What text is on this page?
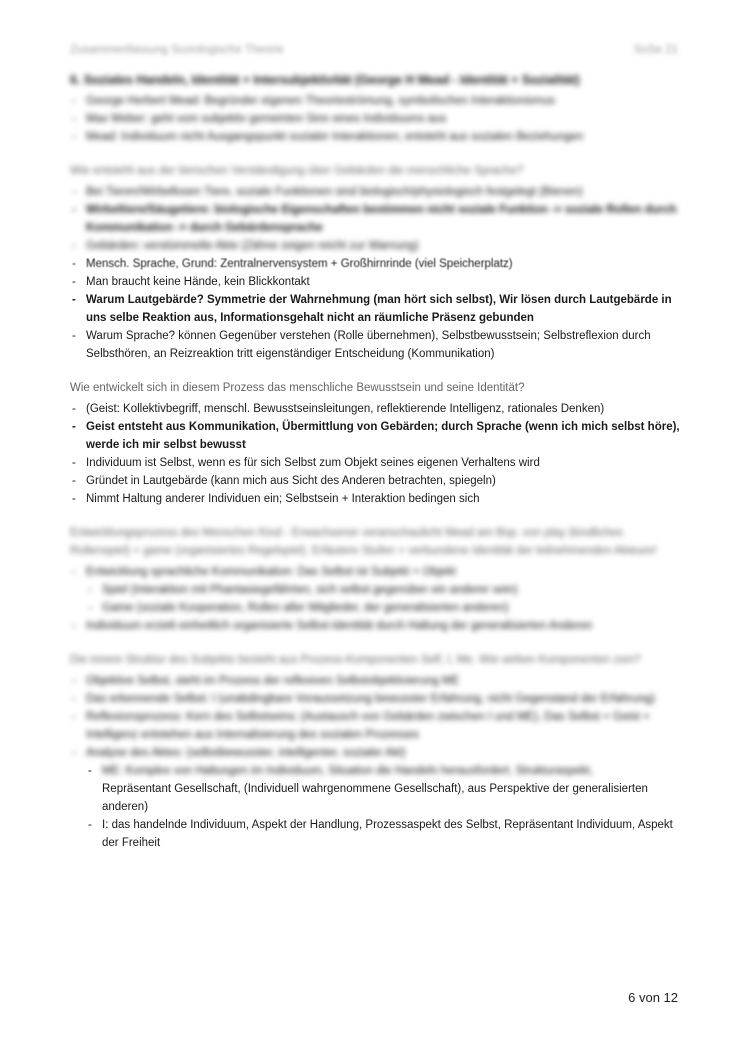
Zusammenfassung Soziologische Theorie	SoSe 21
6. Soziales Handeln, Identität + Intersubjektivität (George H Mead - Identität + Sozialität)
- George Herbert Mead: Begründer eigenen Theorieströmung, symbolischen Interaktionismus
- Max Weber: geht vom subjektiv gemeinten Sinn eines Individuums aus
- Mead: Individuum nicht Ausgangspunkt sozialer Interaktionen, entsteht aus sozialen Beziehungen
Wie entsteht aus der tierischen Verständigung über Gebärden die menschliche Sprache?
- Bei Tieren/Wirbellosen Tiere, soziale Funktionen sind biologisch/physiologisch festgelegt (Bienen)
- Wirbeltiere/Säugetiere: biologische Eigenschaften bestimmen nicht soziale Funktion -> soziale Rollen durch Kommunikation -> durch Gebärdensprache
- Gebärden: verstümmelte Akte (Zähne zeigen reicht zur Warnung)
- Mensch. Sprache, Grund: Zentralnervensystem + Großhirnrinde (viel Speicherplatz)
- Man braucht keine Hände, kein Blickkontakt
- Warum Lautgebärde? Symmetrie der Wahrnehmung (man hört sich selbst), Wir lösen durch Lautgebärde in uns selbe Reaktion aus, Informationsgehalt nicht an räumliche Präsenz gebunden
- Warum Sprache? können Gegenüber verstehen (Rolle übernehmen), Selbstbewusstsein; Selbstreflexion durch Selbsthören, an Reizreaktion tritt eigenständiger Entscheidung (Kommunikation)
Wie entwickelt sich in diesem Prozess das menschliche Bewusstsein und seine Identität?
- (Geist: Kollektivbegriff, menschl. Bewusstseinsleitungen, reflektierende Intelligenz, rationales Denken)
- Geist entsteht aus Kommunikation, Übermittlung von Gebärden; durch Sprache (wenn ich mich selbst höre), werde ich mir selbst bewusst
- Individuum ist Selbst, wenn es für sich Selbst zum Objekt seines eigenen Verhaltens wird
- Gründet in Lautgebärde (kann mich aus Sicht des Anderen betrachten, spiegeln)
- Nimmt Haltung anderer Individuen ein; Selbstsein + Interaktion bedingen sich
Entwicklungsprozess des Menschen Kind - Erwachsener veranschaulicht Mead am Bsp. von play (kindliches Rollenspiel) + game (organisiertes Regelspiel). Erläutere Stufen + verbundene Identität der teilnehmenden Akteure!
- Entwicklung sprachliche Kommunikation: Das Selbst ist Subjekt + Objekt
- Spiel (Interaktion mit Phantasiegefährten, sich selbst gegenüber ein anderer sein)
- Game (soziale Kooperation, Rollen aller Mitglieder, der generalisierten anderen)
- Individuum erzielt einheitlich organisierte Selbst-Identität durch Haltung der generalisierten Anderen
Die innere Struktur des Subjekts besteht aus Prozess-Komponenten Self, I, Me. Wie wirken Komponenten zsm?
- Objektive Selbst, steht im Prozess der reflexiven Selbstobjektivierung ME
- Das erkennende Selbst: I (unabdingbare Voraussetzung bewusster Erfahrung, nicht Gegenstand der Erfahrung)
- Reflexionsprozess: Kern des Selbstseins; (Austausch von Gebärden zwischen I und ME), Das Selbst + Geist + Intelligenz entstehen aus Internalisierung des sozialen Prozesses
- Analyse des Aktes: (selbstbewusster, intelligenter, sozialer Akt)
- ME: Komplex von Haltungen im Individuum, Situation die Handeln herausfordert, Strukturaspekt,
Repräsentant Gesellschaft, (Individuell wahrgenommene Gesellschaft), aus Perspektive der generalisierten anderen)
- I: das handelnde Individuum, Aspekt der Handlung, Prozessaspekt des Selbst, Repräsentant Individuum, Aspekt der Freiheit
6 von 12
